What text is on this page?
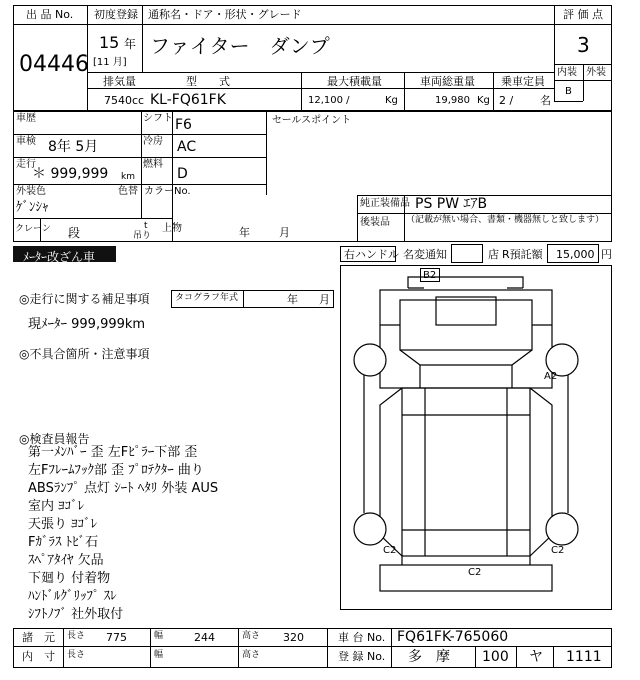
出 品 No.
04446
初度登録 通称名・ドア・形状・グレード
15 年
[11 月]
ファイター　ダンプ
評 価 点
3
内装 外装
B
排気量	型　　式	最大積載量	車両総重量 乗車定員
7540 cc KL-FQ61FK	12,100 /	Kg	19,980 Kg 2 / 名
車歴	シフト F6
車検 8年 5月	冷房 AC
走行
＊ 999,999 km
燃料
D
外装色
ｹﾞﾝｼｬ
色替 カラーNo.
セールスポイント
純正装備品 PS PW ｴｱB
後装品 （記載が無い場合、書類・機器無しと致します）
クレーン 段	t
吊り
上物	年	月
ﾒｰﾀｰ改ざん車	右ハンドル 名変通知	店 R預託額 15,000 円
◎走行に関する補足事項	タコグラフ年式	年 月
現ﾒｰﾀｰ 999,999km
◎不具合箇所・注意事項
◎検査員報告
第一ﾒﾝﾊﾞｰ 歪 左Fﾋﾟﾗｰ下部 歪
左Fﾌﾚｰﾑﾌｯｸ部 歪 ﾌﾟﾛﾃｸﾀｰ 曲り
ABSﾗﾝﾌﾟ 点灯 ｼｰﾄ ﾍﾀﾘ 外装 AUS
室内 ﾖｺﾞﾚ
天張り ﾖｺﾞﾚ
Fｶﾞﾗｽ ﾄﾋﾞ石
ｽﾍﾟｱﾀｲﾔ 欠品
下廻り 付着物
ﾊﾝﾄﾞﾙｸﾞﾘｯﾌﾟ ｽﾚ
ｼﾌﾄﾉﾌﾞ 社外取付
B2
A2
C2	C2
C2
諸　元 長さ 775	幅	244	高さ 320	車 台 No. FQ61FK-765060
内　寸 長さ	幅	高さ	登 録 No. 多　摩 100 ヤ 1111
